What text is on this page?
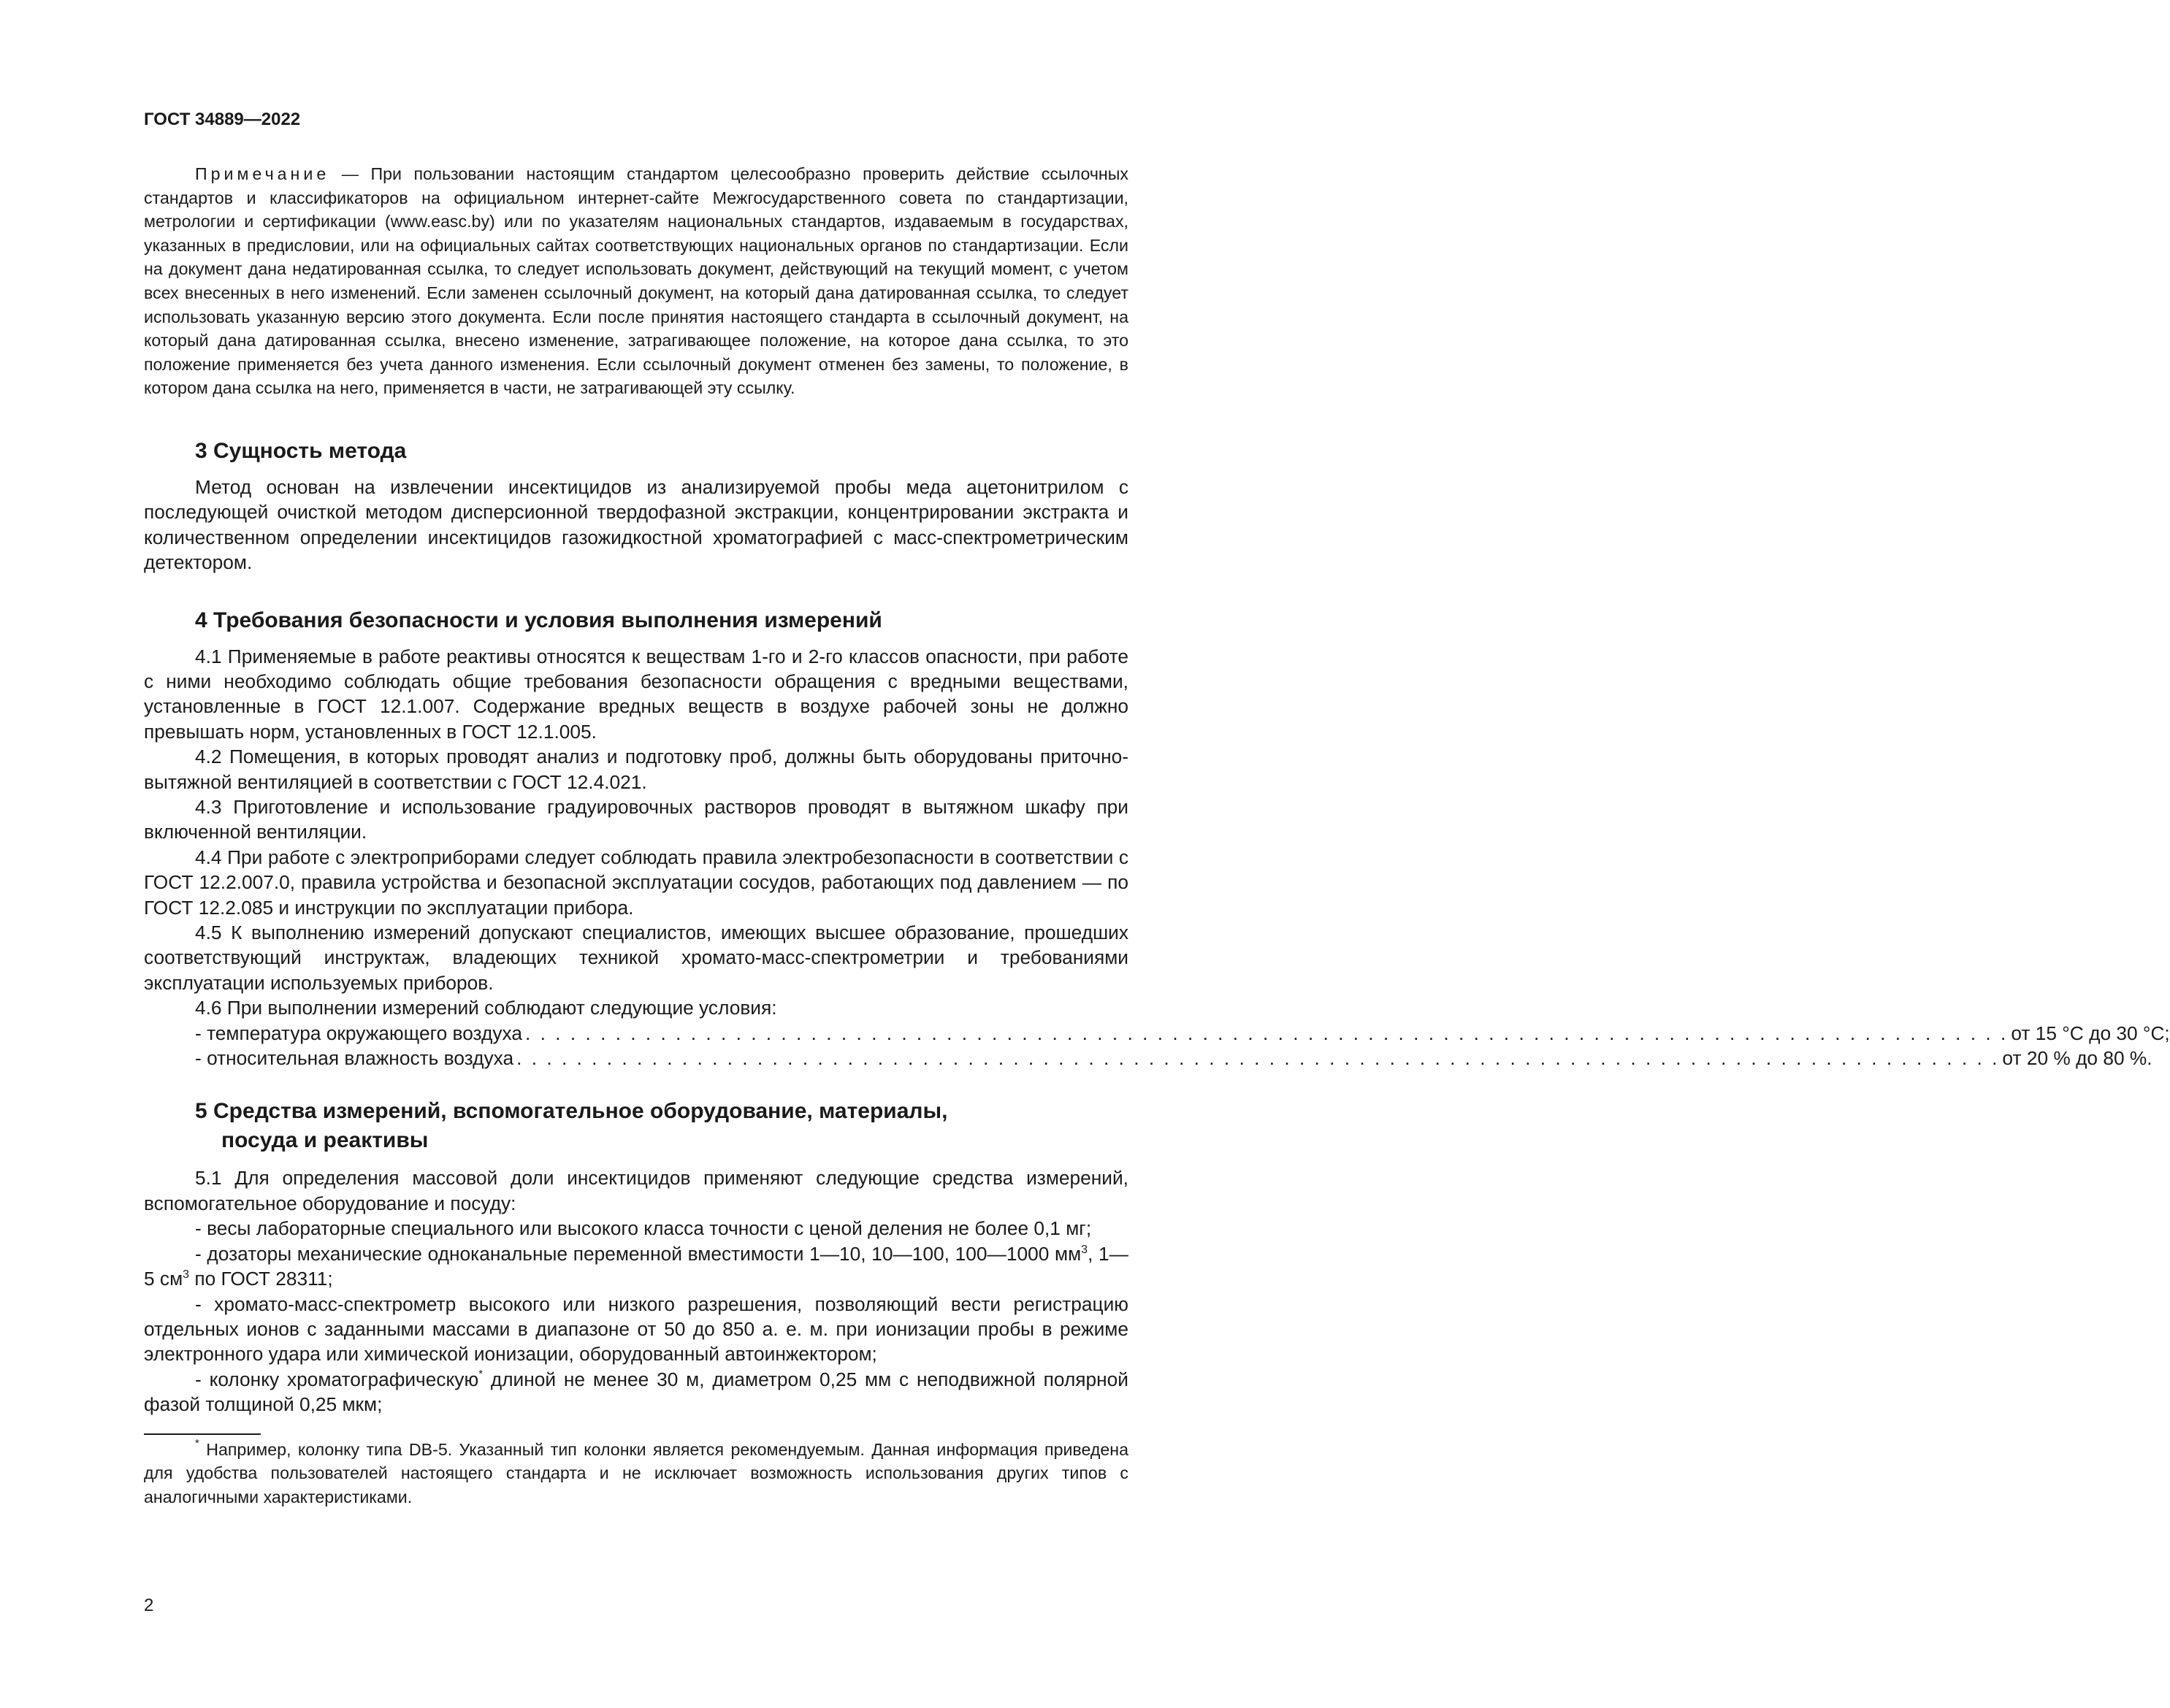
ГОСТ 34889—2022

Примечание — При пользовании настоящим стандартом целесообразно проверить действие ссылочных стандартов и классификаторов на официальном интернет-сайте Межгосударственного совета по стандартизации, метрологии и сертификации (www.easc.by) или по указателям национальных стандартов, издаваемым в государствах, указанных в предисловии, или на официальных сайтах соответствующих национальных органов по стандартизации. Если на документ дана недатированная ссылка, то следует использовать документ, действующий на текущий момент, с учетом всех внесенных в него изменений. Если заменен ссылочный документ, на который дана датированная ссылка, то следует использовать указанную версию этого документа. Если после принятия настоящего стандарта в ссылочный документ, на который дана датированная ссылка, внесено изменение, затрагивающее положение, на которое дана ссылка, то это положение применяется без учета данного изменения. Если ссылочный документ отменен без замены, то положение, в котором дана ссылка на него, применяется в части, не затрагивающей эту ссылку.

3 Сущность метода

Метод основан на извлечении инсектицидов из анализируемой пробы меда ацетонитрилом с последующей очисткой методом дисперсионной твердофазной экстракции, концентрировании экстракта и количественном определении инсектицидов газожидкостной хроматографией с масс-спектрометрическим детектором.

4 Требования безопасности и условия выполнения измерений

4.1 Применяемые в работе реактивы относятся к веществам 1-го и 2-го классов опасности, при работе с ними необходимо соблюдать общие требования безопасности обращения с вредными веществами, установленные в ГОСТ 12.1.007. Содержание вредных веществ в воздухе рабочей зоны не должно превышать норм, установленных в ГОСТ 12.1.005.

4.2 Помещения, в которых проводят анализ и подготовку проб, должны быть оборудованы приточно-вытяжной вентиляцией в соответствии с ГОСТ 12.4.021.

4.3 Приготовление и использование градуировочных растворов проводят в вытяжном шкафу при включенной вентиляции.

4.4 При работе с электроприборами следует соблюдать правила электробезопасности в соответствии с ГОСТ 12.2.007.0, правила устройства и безопасной эксплуатации сосудов, работающих под давлением — по ГОСТ 12.2.085 и инструкции по эксплуатации прибора.

4.5 К выполнению измерений допускают специалистов, имеющих высшее образование, прошедших соответствующий инструктаж, владеющих техникой хромато-масс-спектрометрии и требованиями эксплуатации используемых приборов.

4.6 При выполнении измерений соблюдают следующие условия:

- температура окружающего воздуха . . . . . . . . . . . . . . . . . . . . . . . . . . . . . . . . . . . . . . . . . . . . . . . . . . . . . . . . . . . . . . . . . . . . . . . . . . . . . . . . . . . . . . . . . . . . . . . . . . . от 15 °С до 30 °С;
- относительная влажность воздуха . . . . . . . . . . . . . . . . . . . . . . . . . . . . . . . . . . . . . . . . . . . . . . . . . . . . . . . . . . . . . . . . . . . . . . . . . . . . . . . . . . . . . . . . . . . . . . . . . . . от 20 % до 80 %.
5 Средства измерений, вспомогательное оборудование, материалы,
посуда и реактивы

5.1 Для определения массовой доли инсектицидов применяют следующие средства измерений, вспомогательное оборудование и посуду:

- весы лабораторные специального или высокого класса точности с ценой деления не более 0,1 мг;

- дозаторы механические одноканальные переменной вместимости 1—10, 10—100, 100—1000 $мм^3$, 1—5 $см^3$ по ГОСТ 28311;

- хромато-масс-спектрометр высокого или низкого разрешения, позволяющий вести регистрацию отдельных ионов с заданными массами в диапазоне от 50 до 850 а. е. м. при ионизации пробы в режиме электронного удара или химической ионизации, оборудованный автоинжектором;

- колонку хроматографическую* длиной не менее 30 м, диаметром 0,25 мм с неподвижной полярной фазой толщиной 0,25 мкм;

* Например, колонку типа DB-5. Указанный тип колонки является рекомендуемым. Данная информация приведена для удобства пользователей настоящего стандарта и не исключает возможность использования других типов с аналогичными характеристиками.

2
